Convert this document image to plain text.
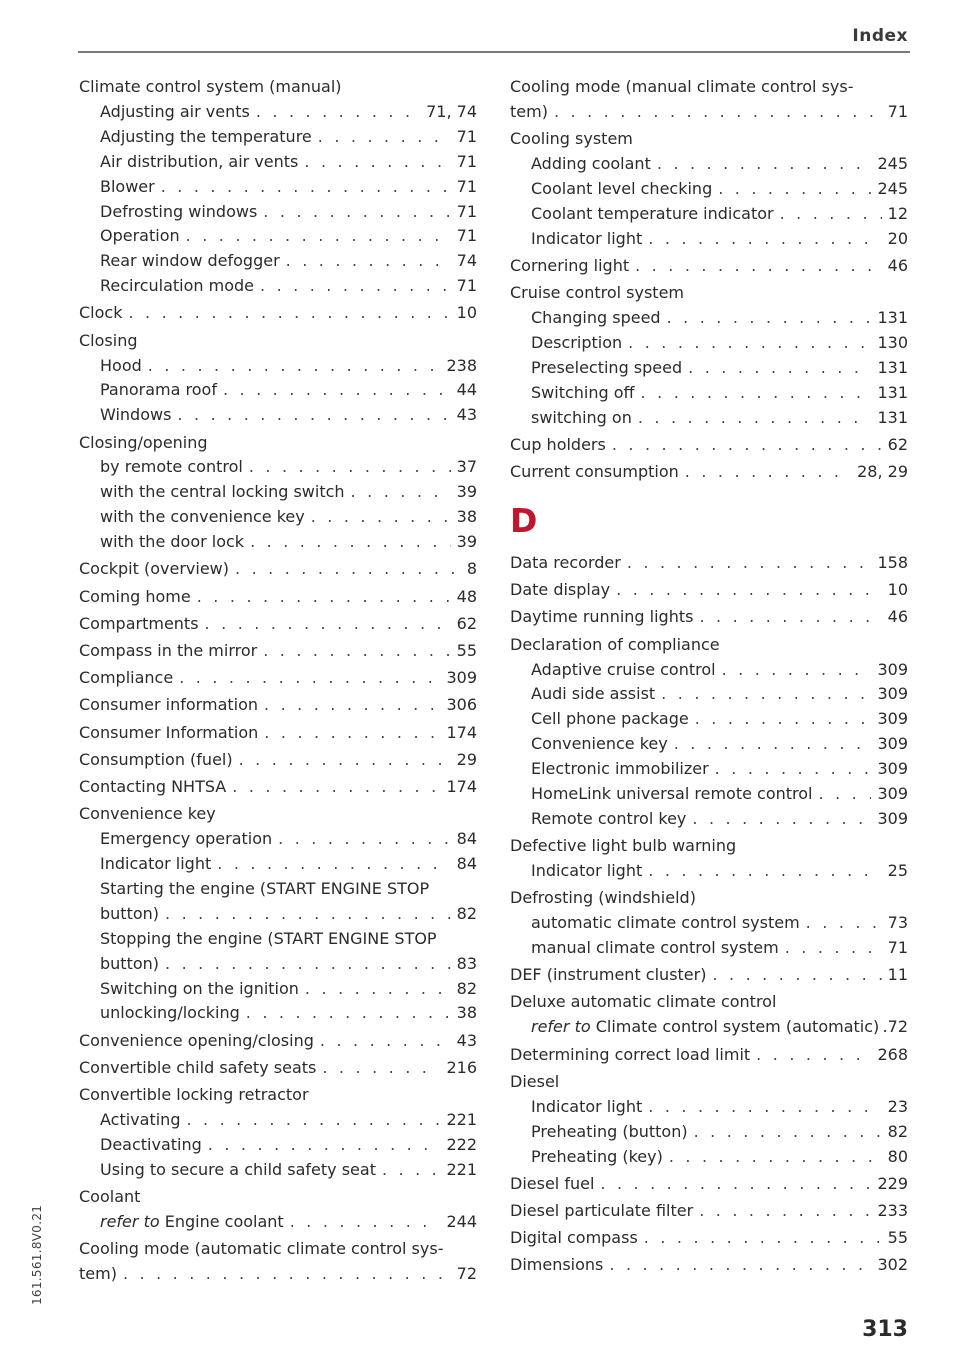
Index
161.561.8V0.21
Climate control system (manual)
Adjusting air vents . . .	71, 74
Adjusting the temperature . . .	71
Air distribution, air vents . . .	71
Blower . . .	71
Defrosting windows . . .	71
Operation . . .	71
Rear window defogger . . .	74
Recirculation mode . . .	71
Clock . . .	10
Closing
Hood . . .	238
Panorama roof . . .	44
Windows . . .	43
Closing/opening
by remote control . . .	37
with the central locking switch . . .	39
with the convenience key . . .	38
with the door lock . . .	39
Cockpit (overview) . . .	8
Coming home . . .	48
Compartments . . .	62
Compass in the mirror . . .	55
Compliance . . .	309
Consumer information . . .	306
Consumer Information . . .	174
Consumption (fuel) . . .	29
Contacting NHTSA . . .	174
Convenience key
Emergency operation . . .	84
Indicator light . . .	84
Starting the engine (START ENGINE STOP
button) . . .	82
Stopping the engine (START ENGINE STOP
button) . . .	83
Switching on the ignition . . .	82
unlocking/locking . . .	38
Convenience opening/closing . . .	43
Convertible child safety seats . . .	216
Convertible locking retractor
Activating . . .	221
Deactivating . . .	222
Using to secure a child safety seat . . .	221
Coolant
refer to Engine coolant . . .	244
Cooling mode (automatic climate control sys-
tem) . . .	72
Cooling mode (manual climate control sys-
tem) . . .	71
Cooling system
Adding coolant . . .	245
Coolant level checking . . .	245
Coolant temperature indicator . . .	12
Indicator light . . .	20
Cornering light . . .	46
Cruise control system
Changing speed . . .	131
Description . . .	130
Preselecting speed . . .	131
Switching off . . .	131
switching on . . .	131
Cup holders . . .	62
Current consumption . . .	28, 29
D
Data recorder . . .	158
Date display . . .	10
Daytime running lights . . .	46
Declaration of compliance
Adaptive cruise control . . .	309
Audi side assist . . .	309
Cell phone package . . .	309
Convenience key . . .	309
Electronic immobilizer . . .	309
HomeLink universal remote control . . .	309
Remote control key . . .	309
Defective light bulb warning
Indicator light . . .	25
Defrosting (windshield)
automatic climate control system . . .	73
manual climate control system . . .	71
DEF (instrument cluster) . . .	11
Deluxe automatic climate control
refer to Climate control system (automatic) .72
Determining correct load limit . . .	268
Diesel
Indicator light . . .	23
Preheating (button) . . .	82
Preheating (key) . . .	80
Diesel fuel . . .	229
Diesel particulate filter . . .	233
Digital compass . . .	55
Dimensions . . .	302
313
